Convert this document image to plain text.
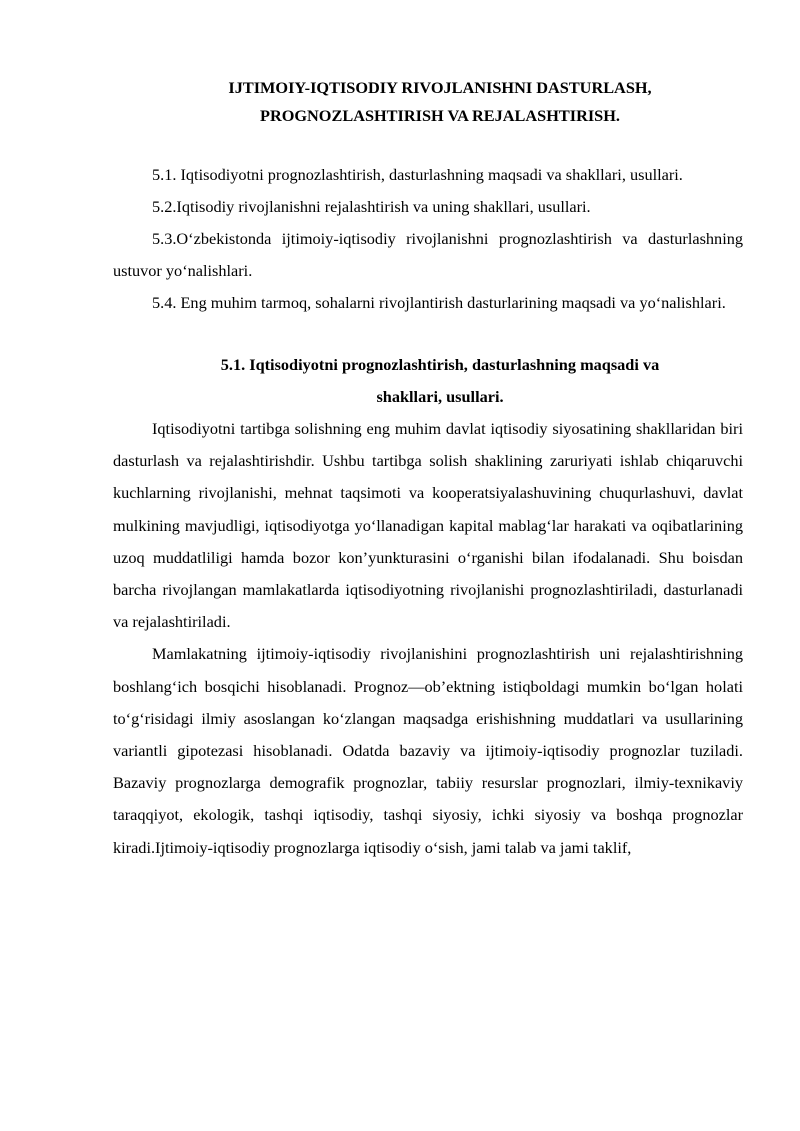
IJTIMOIY-IQTISODIY RIVOJLANISHNI DASTURLASH,
PROGNOZLASHTIRISH VA REJALASHTIRISH.

5.1. Iqtisodiyotni prognozlashtirish, dasturlashning maqsadi va shakllari, usullari.

5.2.Iqtisodiy rivojlanishni rejalashtirish va uning shakllari, usullari.

5.3.O‘zbekistonda ijtimoiy-iqtisodiy rivojlanishni prognozlashtirish va dasturlashning ustuvor yo‘nalishlari.

5.4. Eng muhim tarmoq, sohalarni rivojlantirish dasturlarining maqsadi va yo‘nalishlari.

5.1. Iqtisodiyotni prognozlashtirish, dasturlashning maqsadi va
shakllari, usullari.

Iqtisodiyotni tartibga solishning eng muhim davlat iqtisodiy siyosatining shakllaridan biri dasturlash va rejalashtirishdir. Ushbu tartibga solish shaklining zaruriyati ishlab chiqaruvchi kuchlarning rivojlanishi, mehnat taqsimoti va kooperatsiyalashuvining chuqurlashuvi, davlat mulkining mavjudligi, iqtisodiyotga yo‘llanadigan kapital mablag‘lar harakati va oqibatlarining uzoq muddatliligi hamda bozor kon’yunkturasini o‘rganishi bilan ifodalanadi. Shu boisdan barcha rivojlangan mamlakatlarda iqtisodiyotning rivojlanishi prognozlashtiriladi, dasturlanadi va rejalashtiriladi.

Mamlakatning ijtimoiy-iqtisodiy rivojlanishini prognozlashtirish uni rejalashtirishning boshlang‘ich bosqichi hisoblanadi. Prognoz—ob’ektning istiqboldagi mumkin bo‘lgan holati to‘g‘risidagi ilmiy asoslangan ko‘zlangan maqsadga erishishning muddatlari va usullarining variantli gipotezasi hisoblanadi. Odatda bazaviy va ijtimoiy-iqtisodiy prognozlar tuziladi. Bazaviy prognozlarga demografik prognozlar, tabiiy resurslar prognozlari, ilmiy-texnikaviy taraqqiyot, ekologik, tashqi iqtisodiy, tashqi siyosiy, ichki siyosiy va boshqa prognozlar kiradi.Ijtimoiy-iqtisodiy prognozlarga iqtisodiy o‘sish, jami talab va jami taklif,
